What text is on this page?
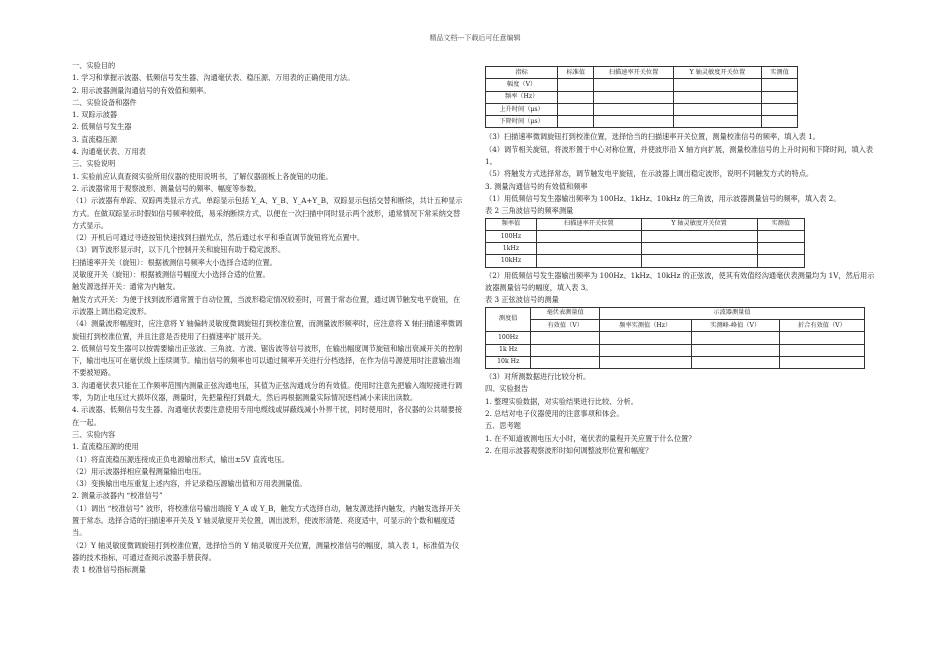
精品文档---下载后可任意编辑

一、实验目的

1. 学习和掌握示波器、低频信号发生器、沟通毫伏表、稳压源、万用表的正确使用方法。

2. 用示波器测量沟通信号的有效值和频率。

二、实验设备和器件

1. 双踪示波器

2. 低频信号发生器

3. 直流稳压源

4. 沟通毫伏表、万用表

三、实验说明

1. 实验前应认真查阅实验所用仪器的使用说明书，了解仪器面板上各旋钮的功能。

2. 示波器常用于观察波形、测量信号的频率、幅度等参数。

（1）示波器有单踪、双踪两类显示方式。单踪显示包括 Y_A、Y_B、Y_A+Y_B，双踪显示包括交替和断续，共计五种显示方式。在做双踪显示时假如信号频率较低，易采纳断续方式，以便在一次扫描中同时显示两个波形，通常情况下常采纳交替方式显示。

（2）开机后可通过寻迹按钮快速找到扫描光点，然后通过水平和垂直调节旋钮将光点置中。

（3）调节波形显示时，以下几个控制开关和旋钮有助于稳定波形。

扫描速率开关（旋钮）：根据被测信号频率大小选择合适的位置。

灵敏度开关（旋钮）：根据被测信号幅度大小选择合适的位置。

触发源选择开关：通常为内触发。

触发方式开关：为便于找到波形通常置于自动位置，当波形稳定情况较差时，可置于常态位置，通过调节触发电平旋钮，在示波器上调出稳定波形。

（4）测量波形幅度时，应注意将 Y 轴偏转灵敏度微调旋钮打到校准位置，而测量波形频率时，应注意将 X 轴扫描速率微调旋钮打到校准位置，并且注意是否使用了扫描速率扩展开关。

2. 低频信号发生器可以按需要输出正弦波、三角波、方波、锯齿波等信号波形，在输出幅度调节旋钮和输出衰减开关的控制下，输出电压可在毫伏级上连续调节。输出信号的频率也可以通过频率开关进行分档选择，在作为信号源使用时注意输出端不要被短路。

3. 沟通毫伏表只能在工作频率范围内测量正弦沟通电压，其值为正弦沟通成分的有效值。使用时注意先把输入端短接进行调零，为防止电压过大损坏仪器，测量时，先把量程打到最大，然后再根据测量实际情况逐档减小来读出读数。

4. 示波器、低频信号发生器、沟通毫伏表要注意使用专用电缆线或屏蔽线减小外界干扰，同时使用时，各仪器的公共端要接在一起。

三、实验内容

1. 直流稳压源的使用

（1）将直流稳压源连接成正负电源输出形式，输出±5V 直流电压。

（2）用示波器择相应量程测量输出电压。

（3）变换输出电压重复上述内容，并记录稳压源输出值和万用表测量值。

2. 测量示波器内 “校准信号”

（1）调出 “校准信号” 波形，将校准信号输出端接 Y_A 或 Y_B，触发方式选择自动，触发源选择内触发，内触发选择开关置于常态。选择合适的扫描速率开关及 Y 轴灵敏度开关位置，调出波形，使波形清楚、亮度适中，可显示的个数和幅度适当。

（2）Y 轴灵敏度微调旋钮打到校准位置，选择恰当的 Y 轴灵敏度开关位置，测量校准信号的幅度，填入表 1，标准值为仪器的技术指标，可通过查阅示波器手册获得。

表 1 校准信号指标测量

指标	标准值	扫描速率开关位置	Y 轴灵敏度开关位置	实测值
幅度（V）				
频率（Hz）				
上升时间（μs）				
下降时间（μs）				

（3）扫描速率微调旋钮打到校准位置，选择恰当的扫描速率开关位置，测量校准信号的频率，填入表 1。

（4）调节相关旋钮，将波形置于中心对称位置，并使波形沿 X 轴方向扩展，测量校准信号的上升时间和下降时间，填入表 1。

（5）将触发方式选择常态，调节触发电平旋钮，在示波器上调出稳定波形，说明不同触发方式的特点。

3. 测量沟通信号的有效值和频率

（1）用低频信号发生器输出频率为 100Hz、1kHz、10kHz 的三角波，用示波器测量信号的频率，填入表 2。

表 2 三角波信号的频率测量

频率值	扫描速率开关位置	Y 轴灵敏度开关位置	实测值
100Hz			
1kHz			
10kHz			

（2）用低频信号发生器输出频率为 100Hz、1kHz、10kHz 的正弦波，使其有效值经沟通毫伏表测量均为 1V，然后用示波器测量信号的幅度，填入表 3。

表 3 正弦波信号的测量

测度值	毫伏表测量值	示波器测量值		
	有效值（V）	频率实测值（Hz）	实测峰-峰值（V）	折合有效值（V）
100Hz				
1k Hz				
10k Hz				

（3）对所测数据进行比较分析。

四、实验报告

1. 整理实验数据，对实验结果进行比较、分析。

2. 总结对电子仪器使用的注意事项和体会。

五、思考题

1. 在不知道被测电压大小时，毫伏表的量程开关应置于什么位置？

2. 在用示波器观察波形时如何调整波形位置和幅度？
